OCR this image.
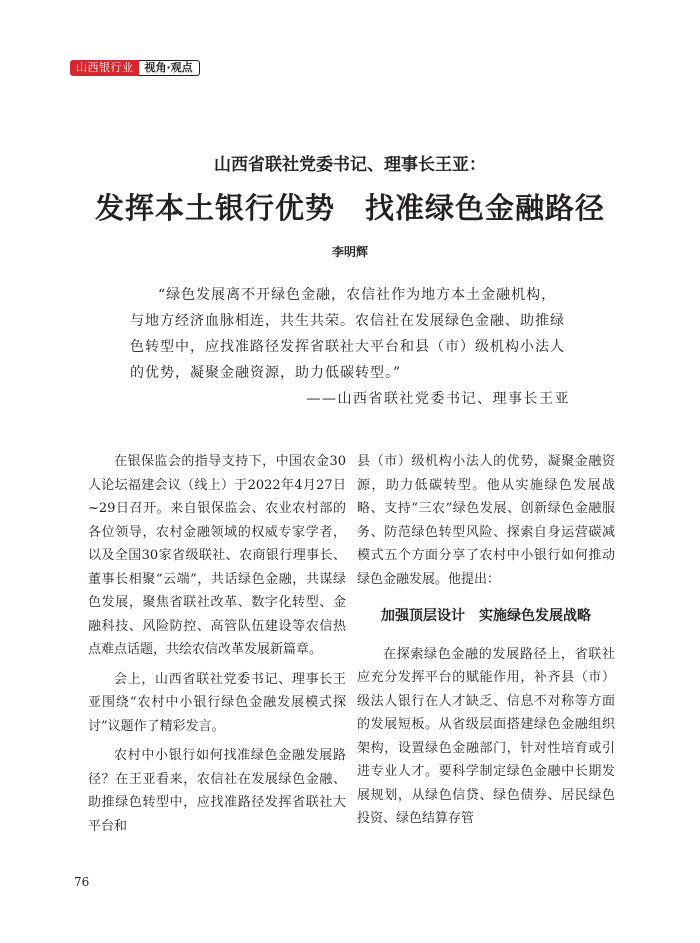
山西银行业	视角·观点
山西省联社党委书记、理事长王亚：
发挥本土银行优势　找准绿色金融路径
李明辉

“绿色发展离不开绿色金融，农信社作为地方本土金融机构，与地方经济血脉相连，共生共荣。农信社在发展绿色金融、助推绿色转型中，应找准路径发挥省联社大平台和县（市）级机构小法人的优势，凝聚金融资源，助力低碳转型。”

——山西省联社党委书记、理事长王亚

在银保监会的指导支持下，中国农金30人论坛福建会议（线上）于2022年4月27日~29日召开。来自银保监会、农业农村部的各位领导，农村金融领域的权威专家学者，以及全国30家省级联社、农商银行理事长、董事长相聚“云端”，共话绿色金融，共谋绿色发展，聚焦省联社改革、数字化转型、金融科技、风险防控、高管队伍建设等农信热点难点话题，共绘农信改革发展新篇章。

会上，山西省联社党委书记、理事长王亚围绕“农村中小银行绿色金融发展模式探讨”议题作了精彩发言。

农村中小银行如何找准绿色金融发展路径？在王亚看来，农信社在发展绿色金融、助推绿色转型中，应找准路径发挥省联社大平台和

县（市）级机构小法人的优势，凝聚金融资源，助力低碳转型。他从实施绿色发展战略、支持“三农”绿色发展、创新绿色金融服务、防范绿色转型风险、探索自身运营碳减模式五个方面分享了农村中小银行如何推动绿色金融发展。他提出：

加强顶层设计　实施绿色发展战略

在探索绿色金融的发展路径上，省联社应充分发挥平台的赋能作用，补齐县（市）级法人银行在人才缺乏、信息不对称等方面的发展短板。从省级层面搭建绿色金融组织架构，设置绿色金融部门，针对性培育或引进专业人才。要科学制定绿色金融中长期发展规划，从绿色信贷、绿色债券、居民绿色投资、绿色结算存管

76
